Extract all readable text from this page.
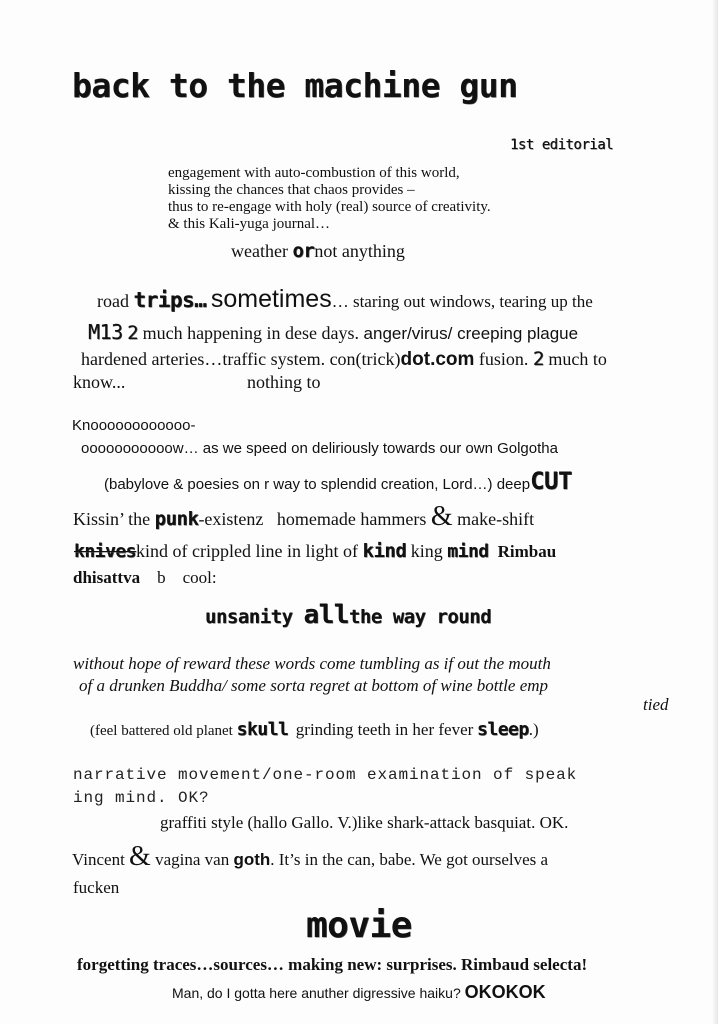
back to the machine gun
1st editorial
engagement with auto-combustion of this world,
kissing the chances that chaos provides –
thus to re-engage with holy (real) source of creativity.
& this Kali-yuga journal…
weather ornot anything
road trips… sometimes… staring out windows, tearing up the
M13 2 much happening in dese days. anger/virus/ creeping plague
hardened arteries…traffic system. con(trick)dot.com fusion. 2 much to
know...	nothing to
Knoooooooooooo-
ooooooooooow… as we speed on deliriously towards our own Golgotha
(babylove & poesies on r way to splendid creation, Lord…) deepCUT
Kissin’ the punk-existenz homemade hammers & make-shift
kniveskind of crippled line in light of kind king mind Rimbau
dhisattva b cool:
unsanity allthe way round
without hope of reward these words come tumbling as if out the mouth
of a drunken Buddha/ some sorta regret at bottom of wine bottle emp
tied
(feel battered old planet skull grinding teeth in her fever sleep.)
narrative movement/one-room examination of speak
ing mind. OK?
graffiti style (hallo Gallo. V.)like shark-attack basquiat. OK.
Vincent & vagina van goth. It’s in the can, babe. We got ourselves a
fucken
movie
forgetting traces…sources… making new: surprises. Rimbaud selecta!
Man, do I gotta here anuther digressive haiku? OKOKOK
